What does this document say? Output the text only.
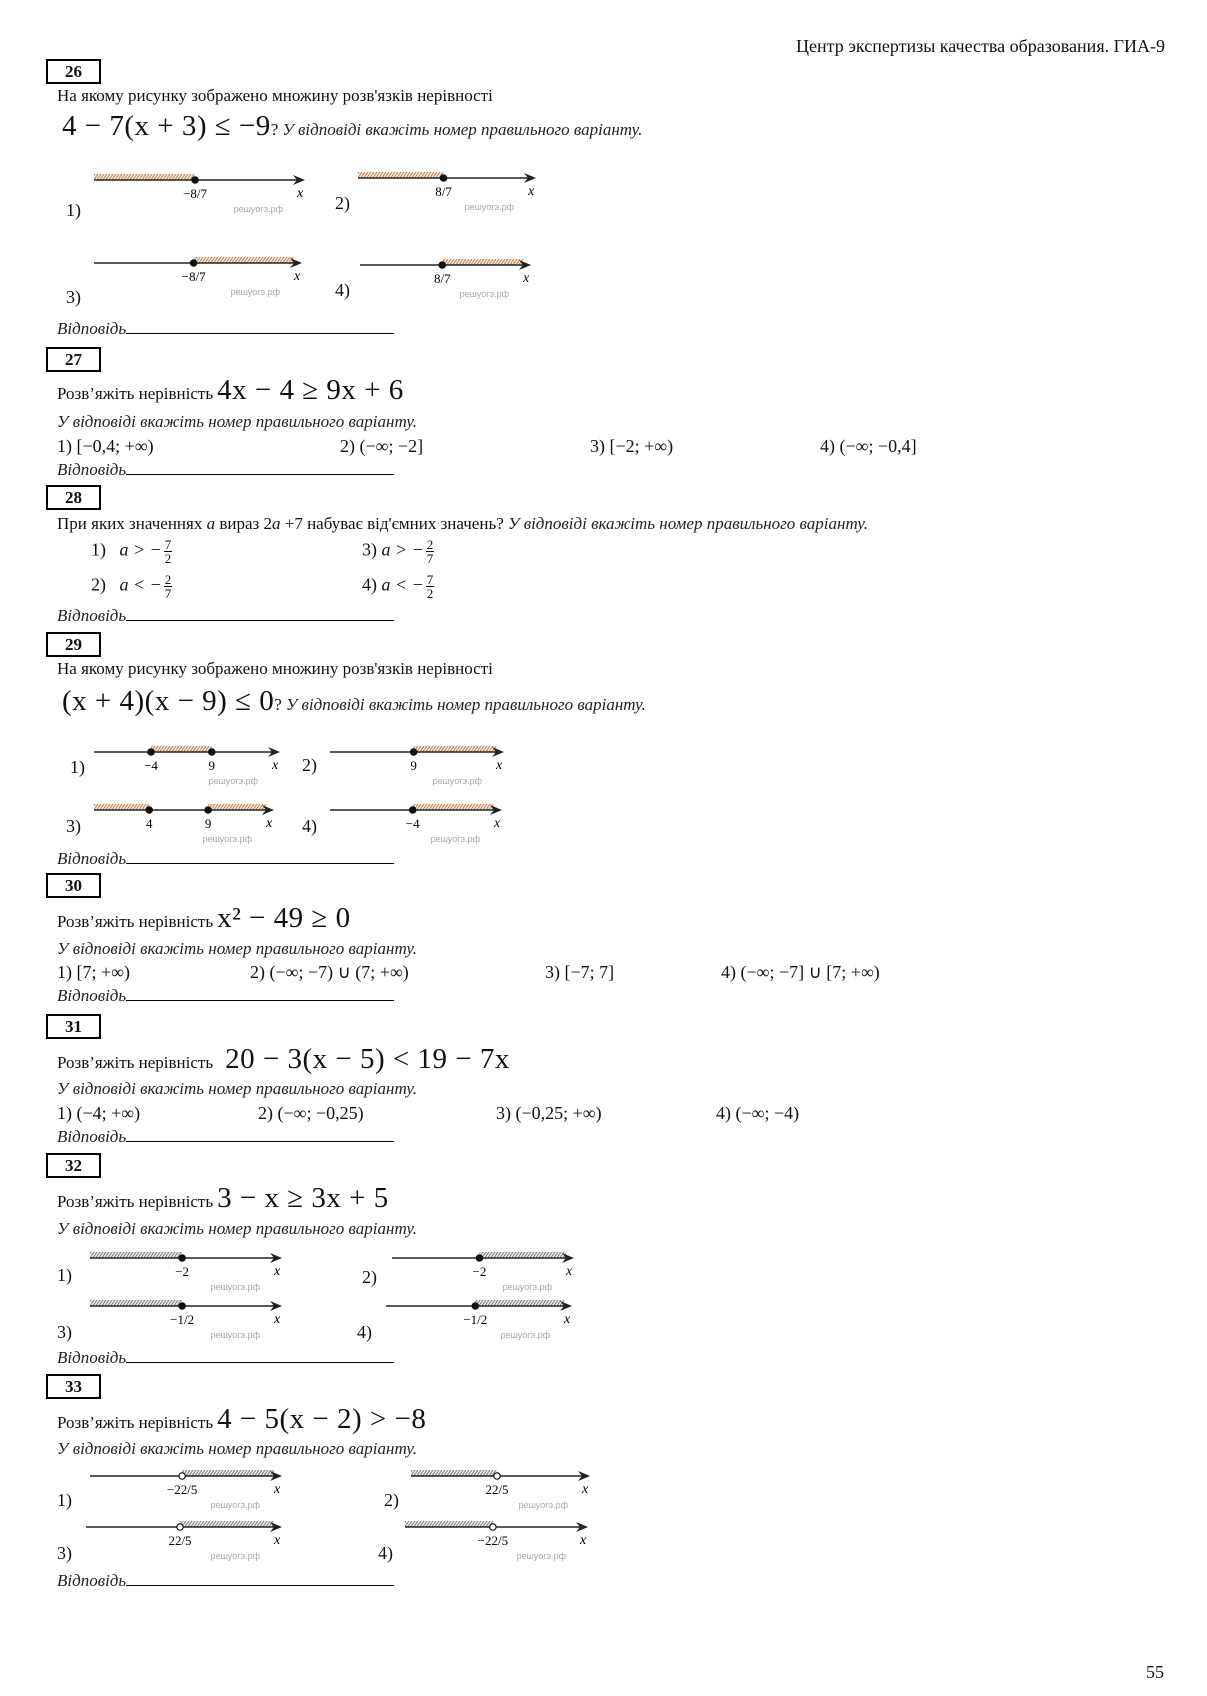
Центр экспертизы качества образования. ГИА-9
26
На якому рисунку зображено множину розв'язків нерівності
4 − 7(x + 3) ≤ −9? У відповіді вкажіть номер правильного варіанту.
1)
−8/7	x
решуогэ.рф	2)
8/7	x
решуогэ.рф
3)
−8/7	x
решуогэ.рф	4)
8/7	x
решуогэ.рф
Відповідь
27
Розв’яжіть нерівність 4x − 4 ≥ 9x + 6
У відповіді вкажіть номер правильного варіанту.
1) [−0,4; +∞)	2) (−∞; −2]	3) [−2; +∞)	4) (−∞; −0,4]
Відповідь
28
При яких значеннях a вираз 2a +7 набуває від'ємних значень? У відповіді вкажіть номер правильного варіанту.
1) a > − $\frac{7}{2}$
2) a < − $\frac{2}{7}$
3) a > − $\frac{2}{7}$
4) a < − $\frac{7}{2}$
Відповідь
29
На якому рисунку зображено множину розв'язків нерівності
(x + 4)(x − 9) ≤ 0? У відповіді вкажіть номер правильного варіанту.
1)	−4	9	x
решуогэ.рф
2)	9	x
решуогэ.рф
3)	4	9	x
решуогэ.рф
4)	−4	x
решуогэ.рф
Відповідь
30
Розв’яжіть нерівність x² − 49 ≥ 0
У відповіді вкажіть номер правильного варіанту.
1) [7; +∞)	2) (−∞; −7) ∪ (7; +∞)	3) [−7; 7]	4) (−∞; −7] ∪ [7; +∞)
Відповідь
31
Розв’яжіть нерівність 20 − 3(x − 5) < 19 − 7x
У відповіді вкажіть номер правильного варіанту.
1) (−4; +∞)	2) (−∞; −0,25)	3) (−0,25; +∞)	4) (−∞; −4)
Відповідь
32
Розв’яжіть нерівність 3 − x ≥ 3x + 5
У відповіді вкажіть номер правильного варіанту.
1)	−2	x
решуогэ.рф	2)	−2	x
решуогэ.рф
3)
−1/2	x
решуогэ.рф	4)
−1/2	x
решуогэ.рф
Відповідь
33
Розв’яжіть нерівність 4 − 5(x − 2) > −8
У відповіді вкажіть номер правильного варіанту.
1)
−22/5	x
решуогэ.рф	2)
22/5	x
решуогэ.рф
3)
22/5	x
решуогэ.рф	4)
−22/5	x
решуогэ.рф
Відповідь
55
